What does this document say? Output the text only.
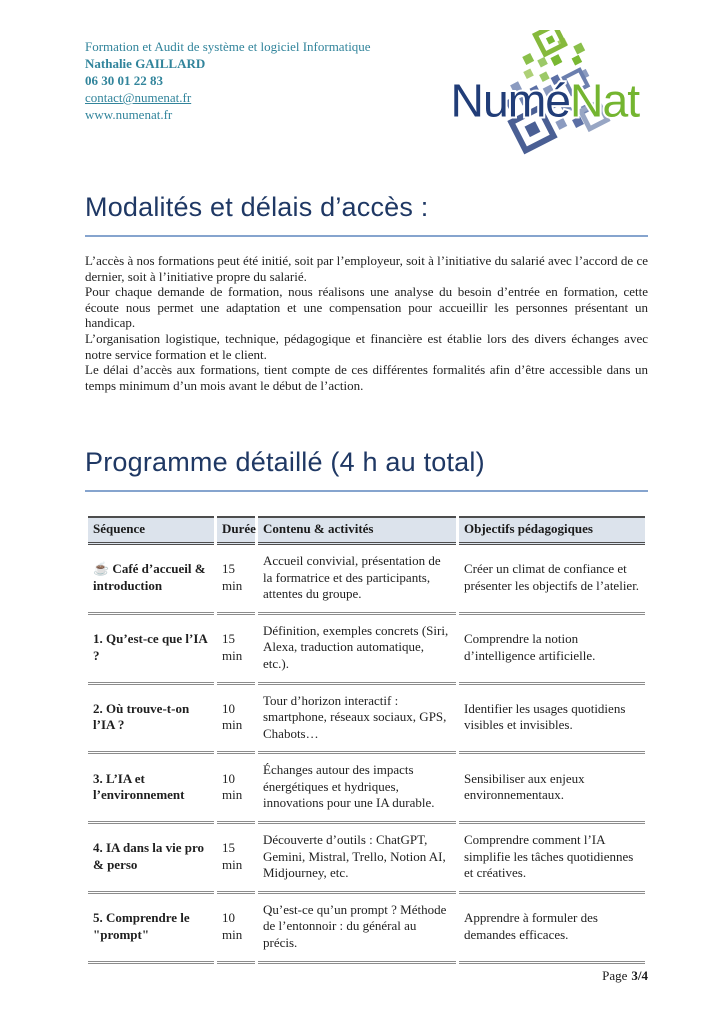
Formation et Audit de système et logiciel Informatique

Nathalie GAILLARD

06 30 01 22 83

contact@numenat.fr

www.numenat.fr	NuméNat
Modalités et délais d’accès :

L’accès à nos formations peut été initié, soit par l’employeur, soit à l’initiative du salarié avec l’accord de ce dernier, soit à l’initiative propre du salarié.

Pour chaque demande de formation, nous réalisons une analyse du besoin d’entrée en formation, cette écoute nous permet une adaptation et une compensation pour accueillir les personnes présentant un handicap.

L’organisation logistique, technique, pédagogique et financière est établie lors des divers échanges avec notre service formation et le client.

Le délai d’accès aux formations, tient compte de ces différentes formalités afin d’être accessible dans un temps minimum d’un mois avant le début de l’action.

Programme détaillé (4 h au total)
Séquence	Durée	Contenu & activités	Objectifs pédagogiques
☕ Café d’accueil & introduction	15 min	Accueil convivial, présentation de la formatrice et des participants, attentes du groupe.	Créer un climat de confiance et présenter les objectifs de l’atelier.
1. Qu’est-ce que l’IA ?	15 min	Définition, exemples concrets (Siri, Alexa, traduction automatique, etc.).	Comprendre la notion d’intelligence artificielle.
2. Où trouve-t-on l’IA ?	10 min	Tour d’horizon interactif : smartphone, réseaux sociaux, GPS, Chabots…	Identifier les usages quotidiens visibles et invisibles.
3. L’IA et l’environnement	10 min	Échanges autour des impacts énergétiques et hydriques, innovations pour une IA durable.	Sensibiliser aux enjeux environnementaux.
4. IA dans la vie pro & perso	15 min	Découverte d’outils : ChatGPT, Gemini, Mistral, Trello, Notion AI, Midjourney, etc.	Comprendre comment l’IA simplifie les tâches quotidiennes et créatives.
5. Comprendre le "prompt"	10 min	Qu’est-ce qu’un prompt ? Méthode de l’entonnoir : du général au précis.	Apprendre à formuler des demandes efficaces.
Page 3/4
